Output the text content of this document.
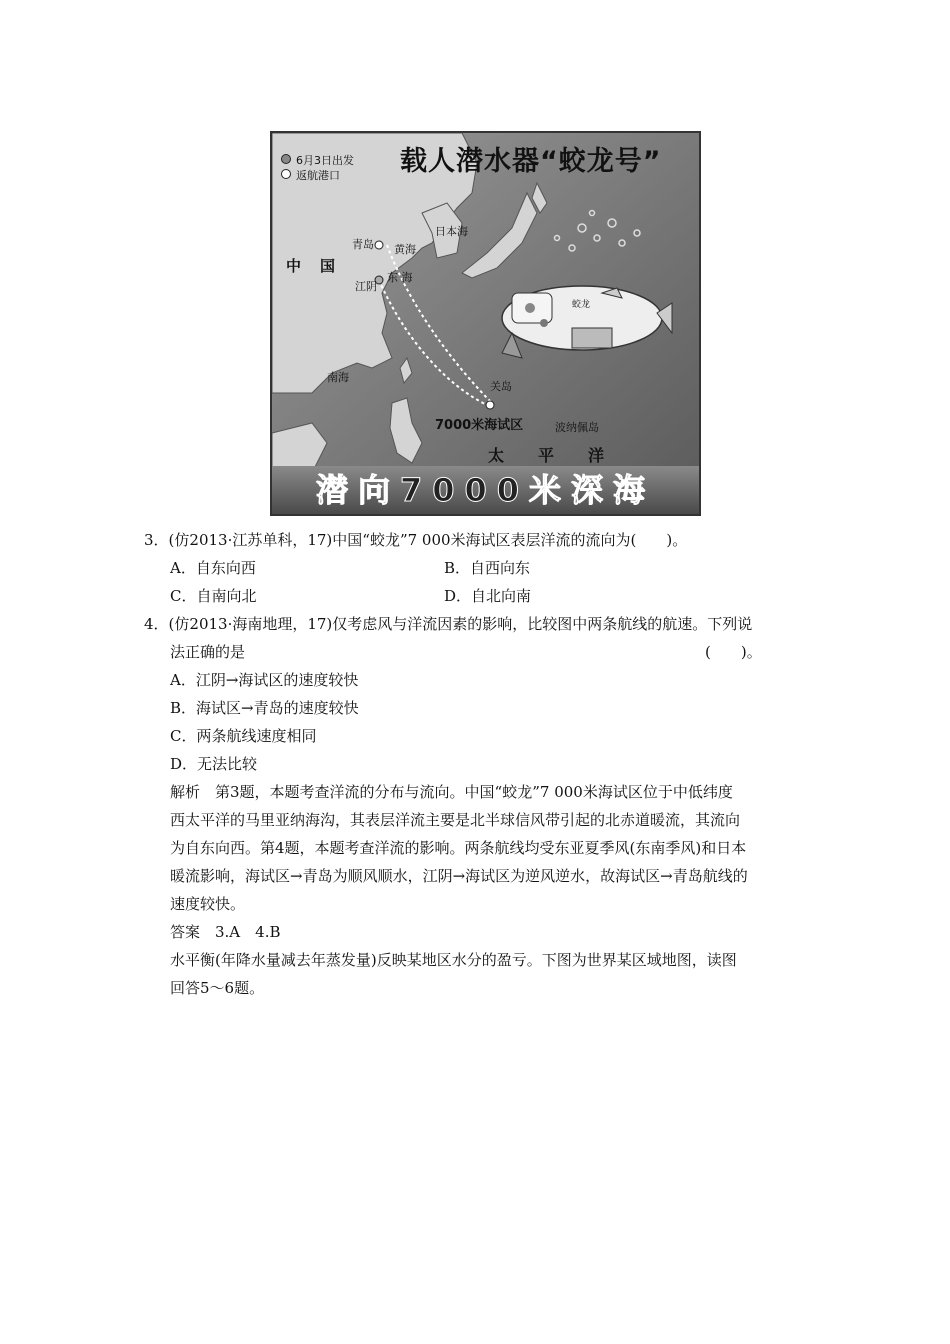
载人潜水器“蛟龙号”
6月3日出发
返航港口
中　国
青岛 黄海
日本海
东 海
江阴
南海
关岛
7000米海试区	波纳佩岛
太平洋
蛟龙
潜向7000米深海
3．(仿2013·江苏单科，17)中国“蛟龙”7 000米海试区表层洋流的流向为(　　)。
A．自东向西	B．自西向东
C．自南向北	D．自北向南
4．(仿2013·海南地理，17)仅考虑风与洋流因素的影响，比较图中两条航线的航速。下列说
法正确的是	(　　)。
A．江阴→海试区的速度较快
B．海试区→青岛的速度较快
C．两条航线速度相同
D．无法比较
解析　第3题，本题考查洋流的分布与流向。中国“蛟龙”7 000米海试区位于中低纬度
西太平洋的马里亚纳海沟，其表层洋流主要是北半球信风带引起的北赤道暖流，其流向
为自东向西。第4题，本题考查洋流的影响。两条航线均受东亚夏季风(东南季风)和日本
暖流影响，海试区→青岛为顺风顺水，江阴→海试区为逆风逆水，故海试区→青岛航线的
速度较快。
答案　3.A　4.B
水平衡(年降水量减去年蒸发量)反映某地区水分的盈亏。下图为世界某区域地图，读图
回答5～6题。
